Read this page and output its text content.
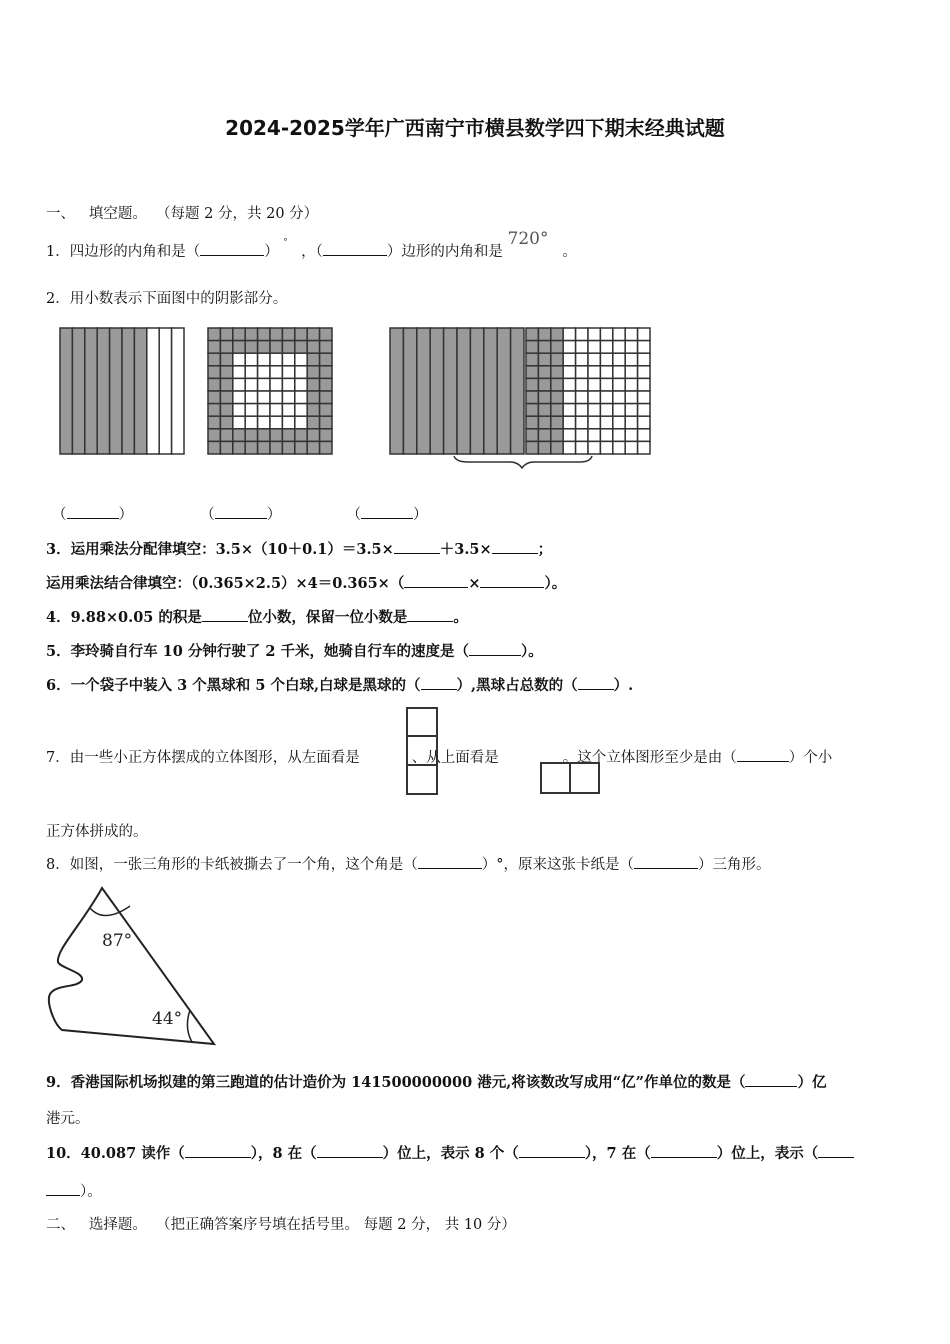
2024-2025学年广西南宁市横县数学四下期末经典试题
一、 填空题。 （每题 2 分，共 20 分）
1．四边形的内角和是（	） °   ，（	）边形的内角和是 720°   。
2．用小数表示下面图中的阴影部分。
（	）	（	）	（	）
3．运用乘法分配律填空：3.5×（10＋0.1）＝3.5×	＋3.5×	；
运用乘法结合律填空：（0.365×2.5）×4＝0.365×（	×	）。
4．9.88×0.05 的积是	位小数，保留一位小数是	。
5．李玲骑自行车 10 分钟行驶了 2 千米，她骑自行车的速度是（	）。
6．一个袋子中装入 3 个黑球和 5 个白球,白球是黑球的（ ）,黑球占总数的（ ）.
7．由一些小正方体摆成的立体图形，从左面看是	、从上面看是	。这个立体图形至少是由（	）个小
正方体拼成的。
8．如图，一张三角形的卡纸被撕去了一个角，这个角是（	）°，原来这张卡纸是（	）三角形。
87°
44°
9．香港国际机场拟建的第三跑道的估计造价为 141500000000 港元,将该数改写成用“亿”作单位的数是（	）亿
港元。
10．40.087 读作（	），8 在（	）位上，表示 8 个（	），7 在（	）位上，表示（
）。
二、 选择题。 （把正确答案序号填在括号里。 每题 2 分， 共 10 分）
